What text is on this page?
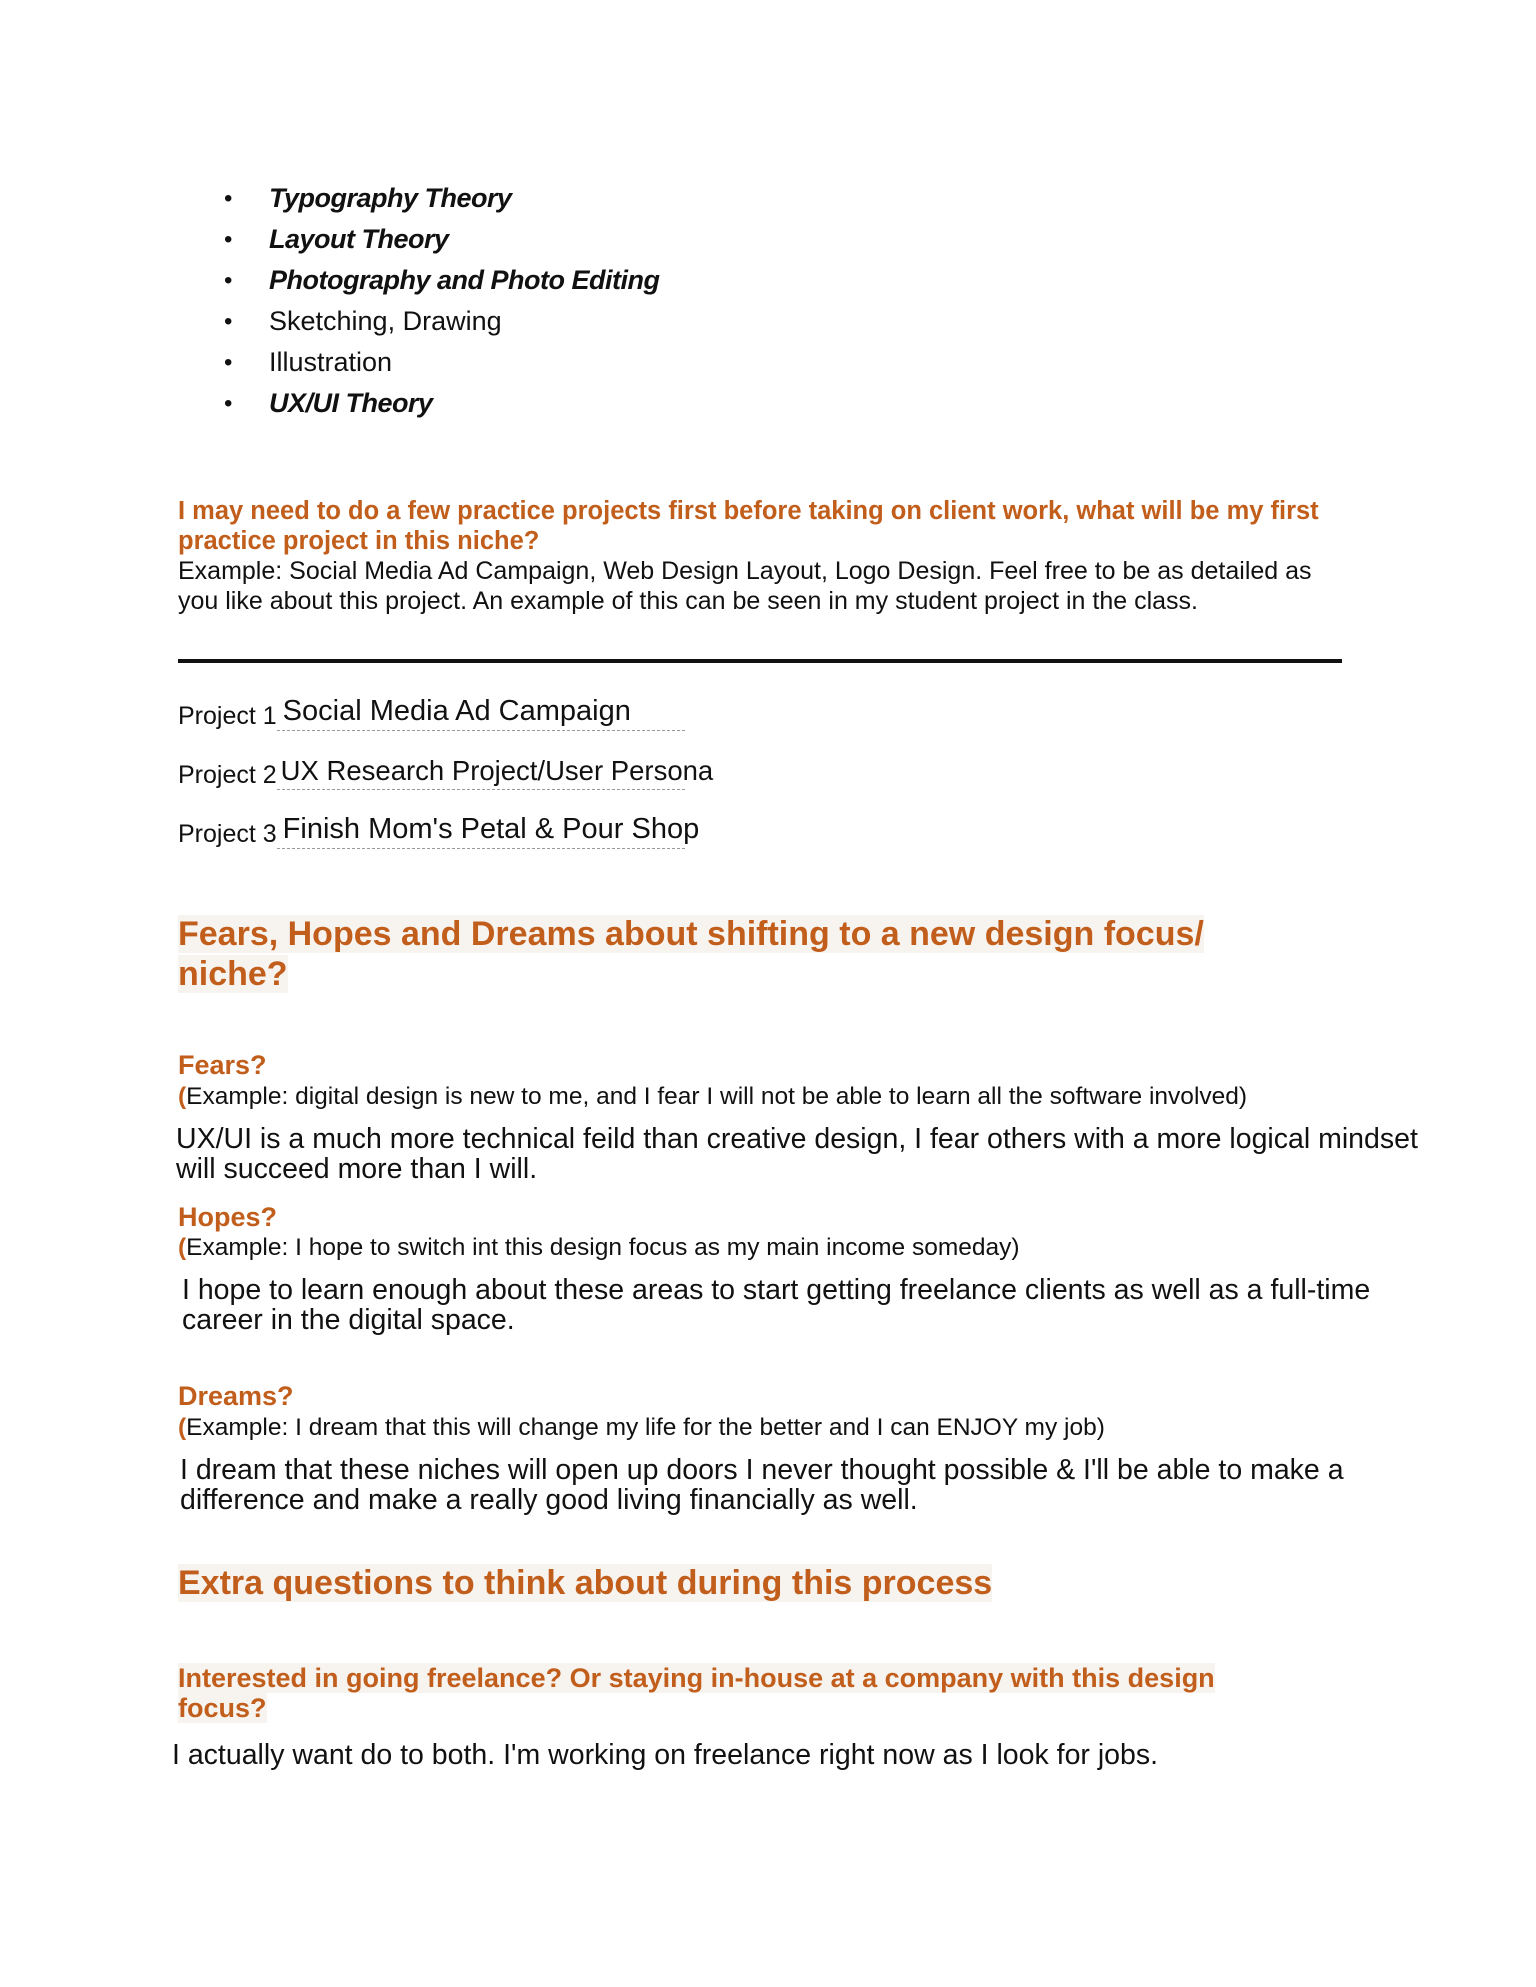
• Typography Theory
• Layout Theory
• Photography and Photo Editing
• Sketching, Drawing
• Illustration
• UX/UI Theory
I may need to do a few practice projects first before taking on client work, what will be my first practice project in this niche?
Example: Social Media Ad Campaign, Web Design Layout, Logo Design. Feel free to be as detailed as you like about this project. An example of this can be seen in my student project in the class.
Project 1 Social Media Ad Campaign
Project 2 UX Research Project/User Persona
Project 3 Finish Mom's Petal & Pour Shop
Fears, Hopes and Dreams about shifting to a new design focus/ niche?
Fears?
(Example: digital design is new to me, and I fear I will not be able to learn all the software involved)
UX/UI is a much more technical feild than creative design, I fear others with a more logical mindset will succeed more than I will.
Hopes?
(Example: I hope to switch int this design focus as my main income someday)
I hope to learn enough about these areas to start getting freelance clients as well as a full-time career in the digital space.
Dreams?
(Example: I dream that this will change my life for the better and I can ENJOY my job)
I dream that these niches will open up doors I never thought possible & I'll be able to make a difference and make a really good living financially as well.
Extra questions to think about during this process
Interested in going freelance? Or staying in-house at a company with this design focus?
I actually want do to both. I'm working on freelance right now as I look for jobs.
